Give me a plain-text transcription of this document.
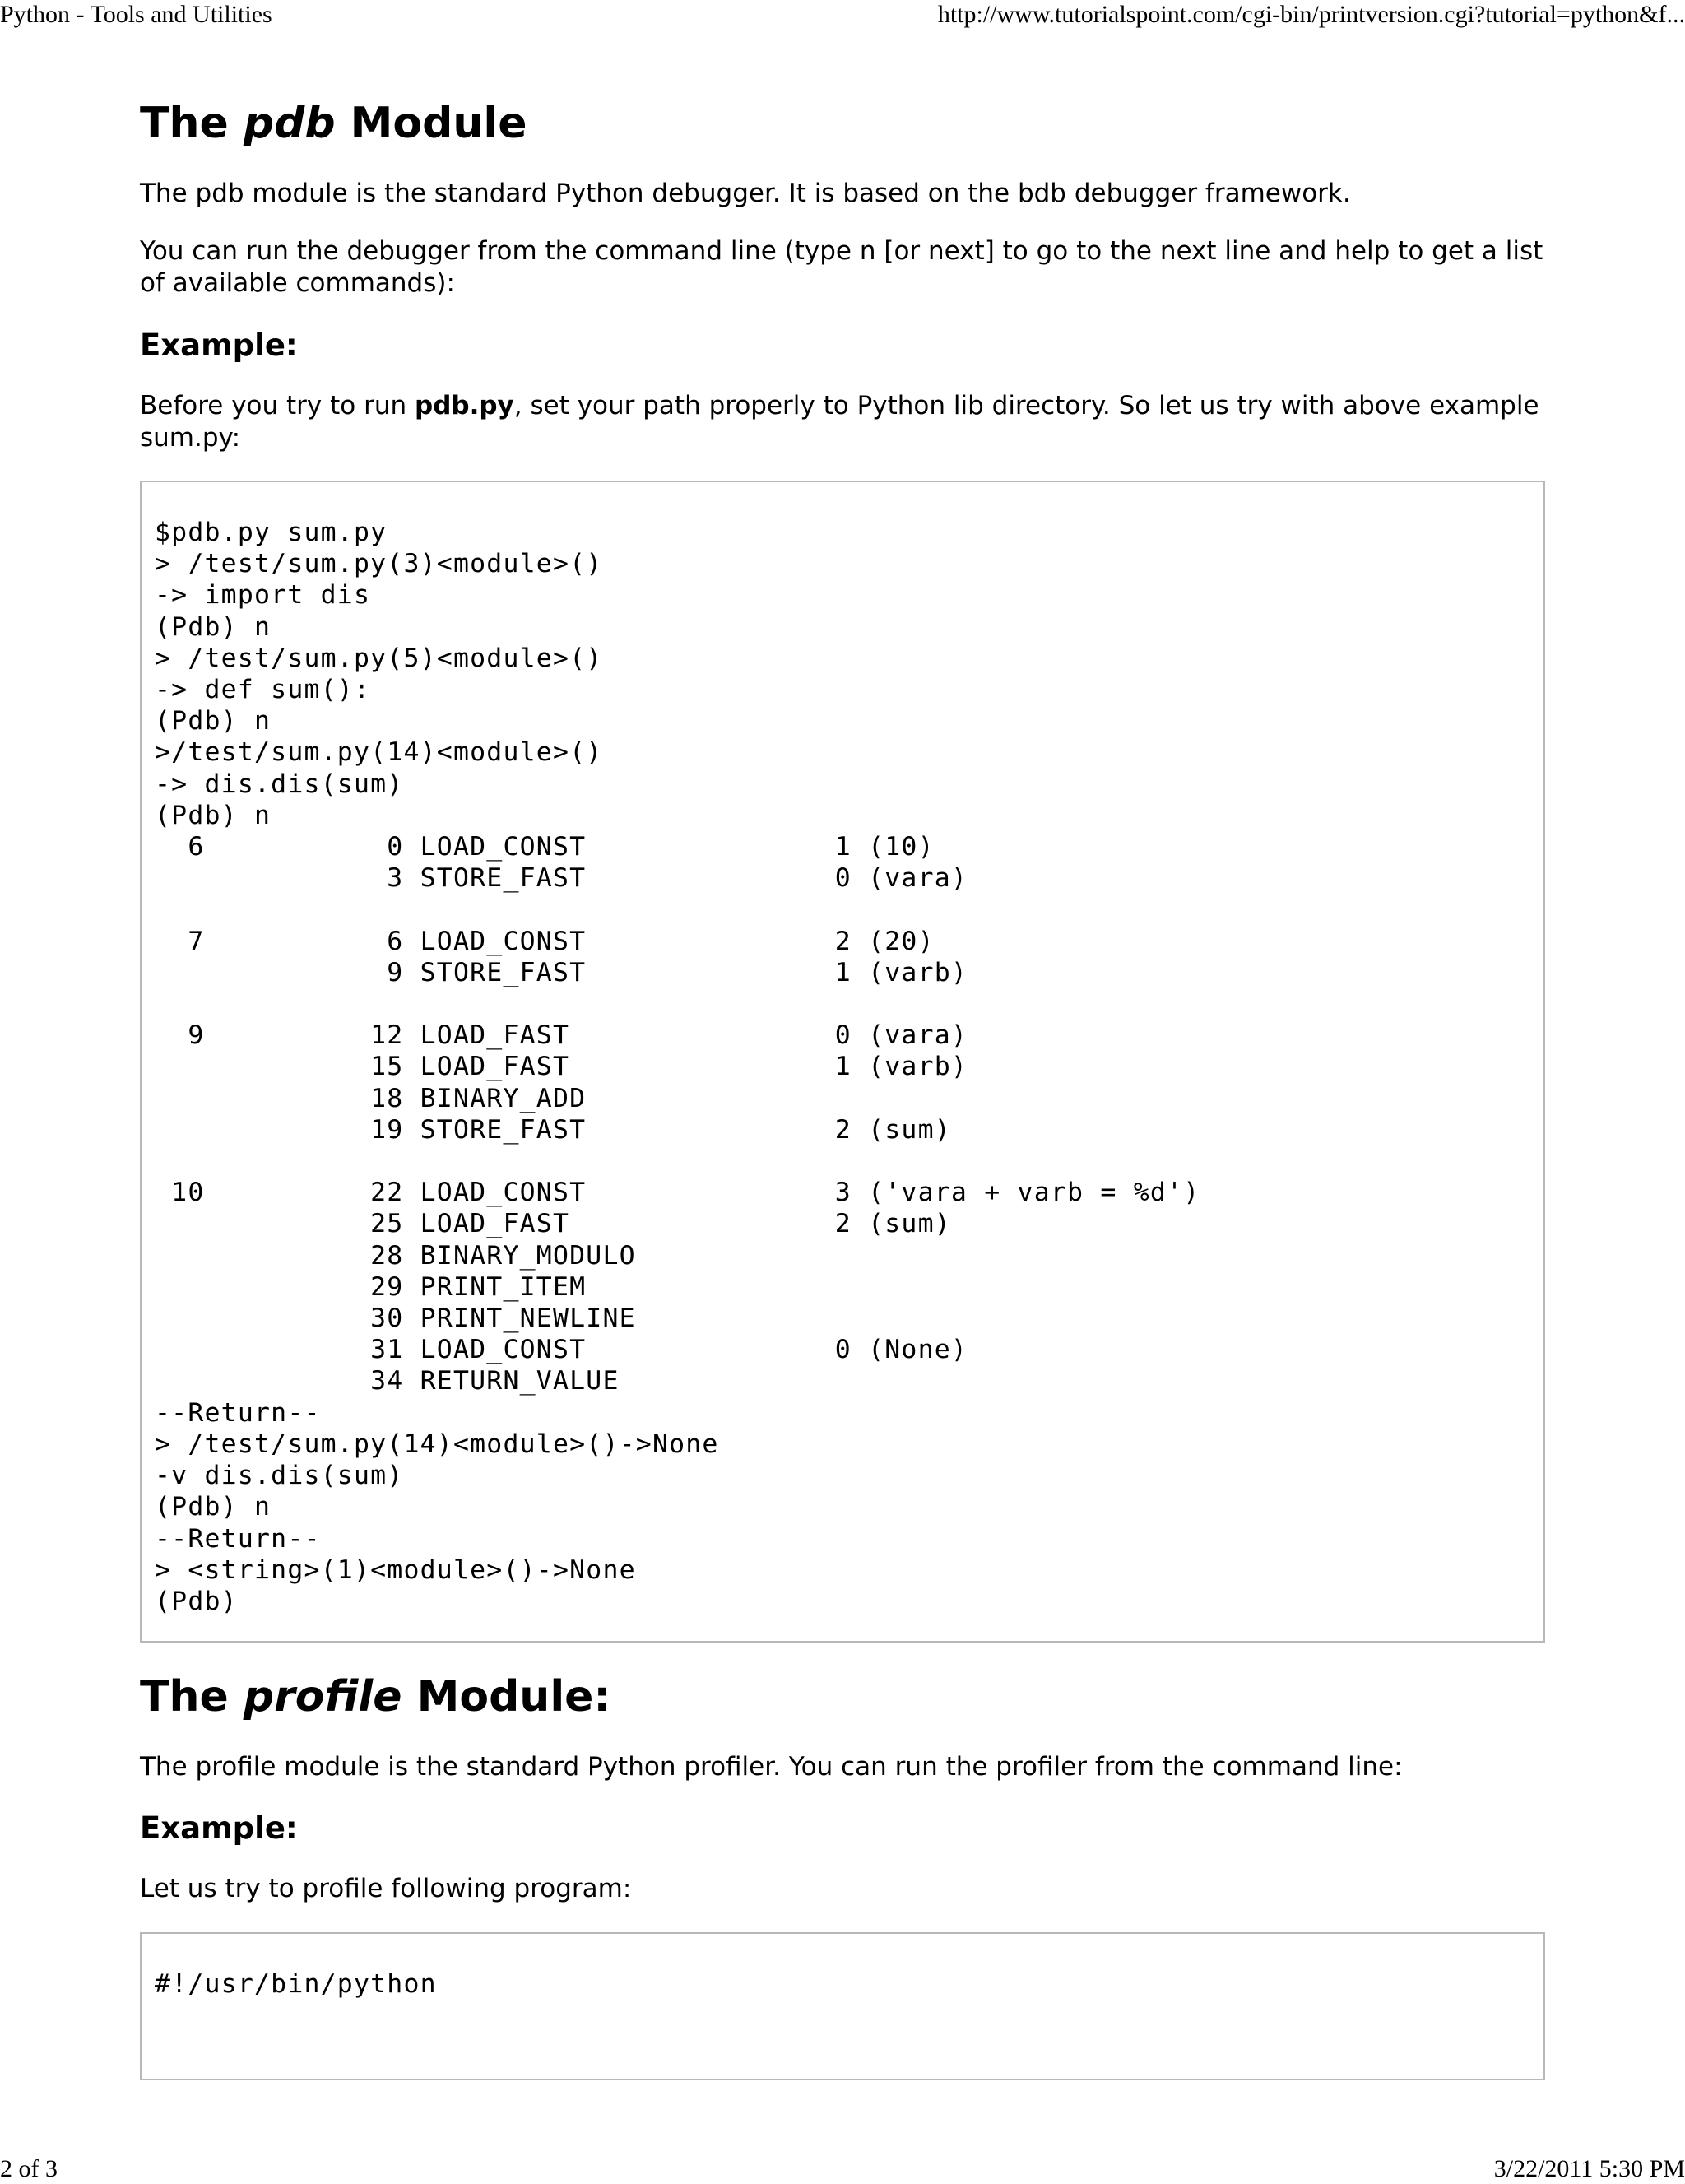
Python - Tools and Utilities	http://www.tutorialspoint.com/cgi-bin/printversion.cgi?tutorial=python&f...
The pdb Module

The pdb module is the standard Python debugger. It is based on the bdb debugger framework.

You can run the debugger from the command line (type n [or next] to go to the next line and help to get a list of available commands):

Example:

Before you try to run pdb.py, set your path properly to Python lib directory. So let us try with above example sum.py:

$pdb.py sum.py
> /test/sum.py(3)<module>()
-> import dis
(Pdb) n
> /test/sum.py(5)<module>()
-> def sum():
(Pdb) n
>/test/sum.py(14)<module>()
-> dis.dis(sum)
(Pdb) n
6           0 LOAD_CONST               1 (10)
3 STORE_FAST               0 (vara)

7           6 LOAD_CONST               2 (20)
9 STORE_FAST               1 (varb)

9          12 LOAD_FAST                0 (vara)
15 LOAD_FAST                1 (varb)
18 BINARY_ADD
19 STORE_FAST               2 (sum)

10          22 LOAD_CONST               3 ('vara + varb = %d')
25 LOAD_FAST                2 (sum)
28 BINARY_MODULO
29 PRINT_ITEM
30 PRINT_NEWLINE
31 LOAD_CONST               0 (None)
34 RETURN_VALUE
--Return--
> /test/sum.py(14)<module>()->None
-v dis.dis(sum)
(Pdb) n
--Return--
> <string>(1)<module>()->None
(Pdb)
The profile Module:

The profile module is the standard Python profiler. You can run the profiler from the command line:

Example:

Let us try to profile following program:

#!/usr/bin/python
2 of 3	3/22/2011 5:30 PM
